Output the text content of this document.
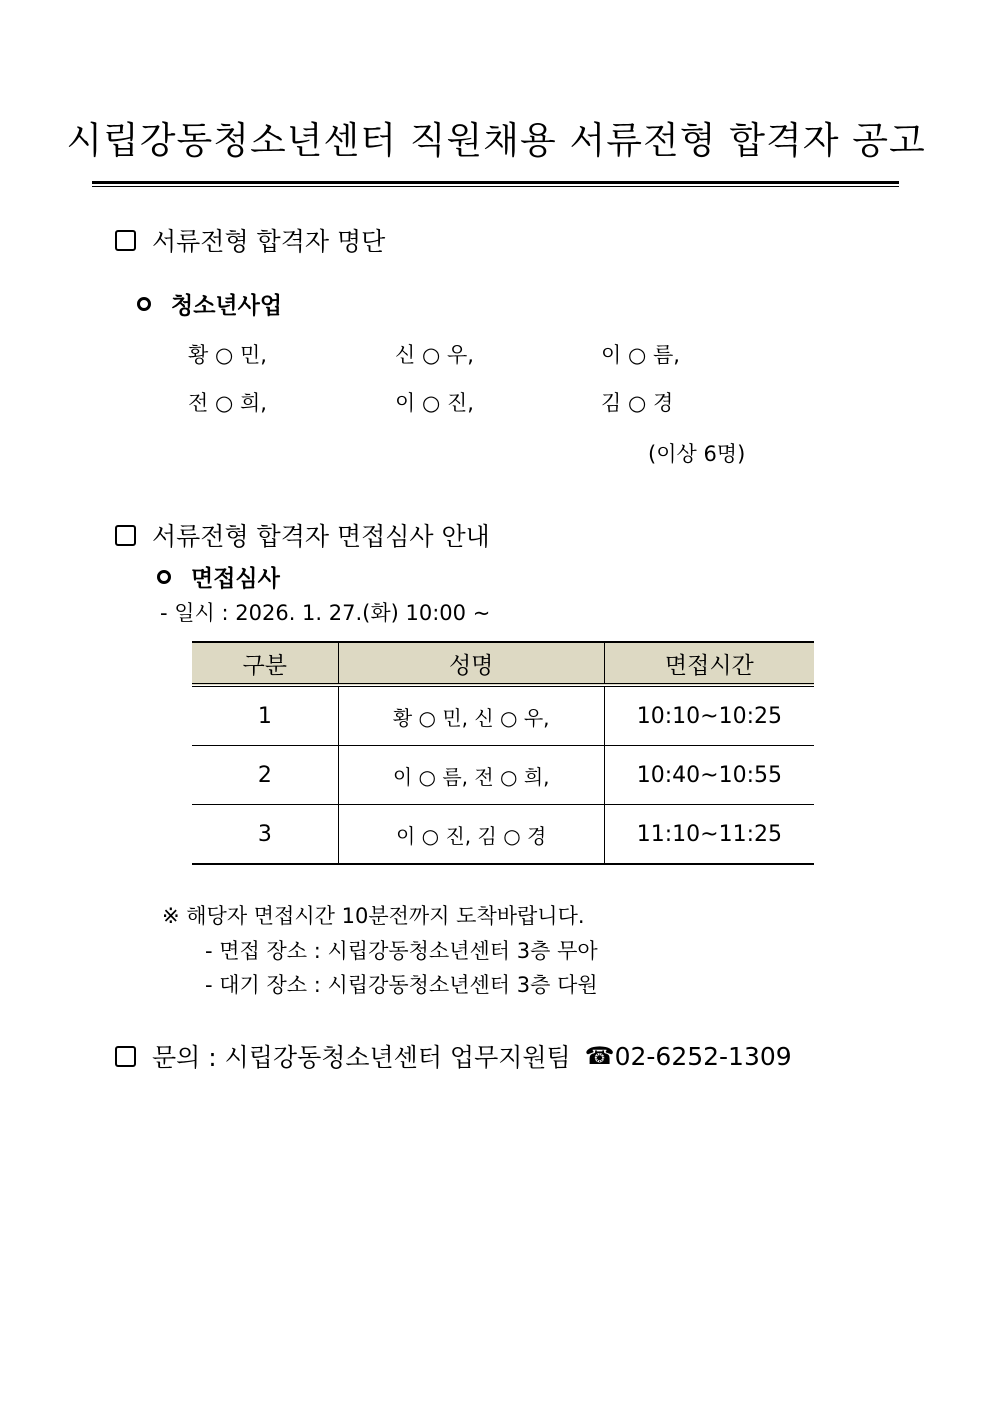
시립강동청소년센터 직원채용 서류전형 합격자 공고
서류전형 합격자 명단
청소년사업
황 ○ 민,	신 ○ 우,	이 ○ 름,
전 ○ 희,	이 ○ 진,	김 ○ 경
(이상 6명)
서류전형 합격자 면접심사 안내
면접심사
- 일시 : 2026. 1. 27.(화) 10:00 ~
구분	성명	면접시간
1	황 ○ 민, 신 ○ 우,	10:10~10:25
2	이 ○ 름, 전 ○ 희,	10:40~10:55
3	이 ○ 진, 김 ○ 경	11:10~11:25
※ 해당자 면접시간 10분전까지 도착바랍니다.
- 면접 장소 : 시립강동청소년센터 3층 무아
- 대기 장소 : 시립강동청소년센터 3층 다원
문의 : 시립강동청소년센터 업무지원팀 ☎ 02-6252-1309
